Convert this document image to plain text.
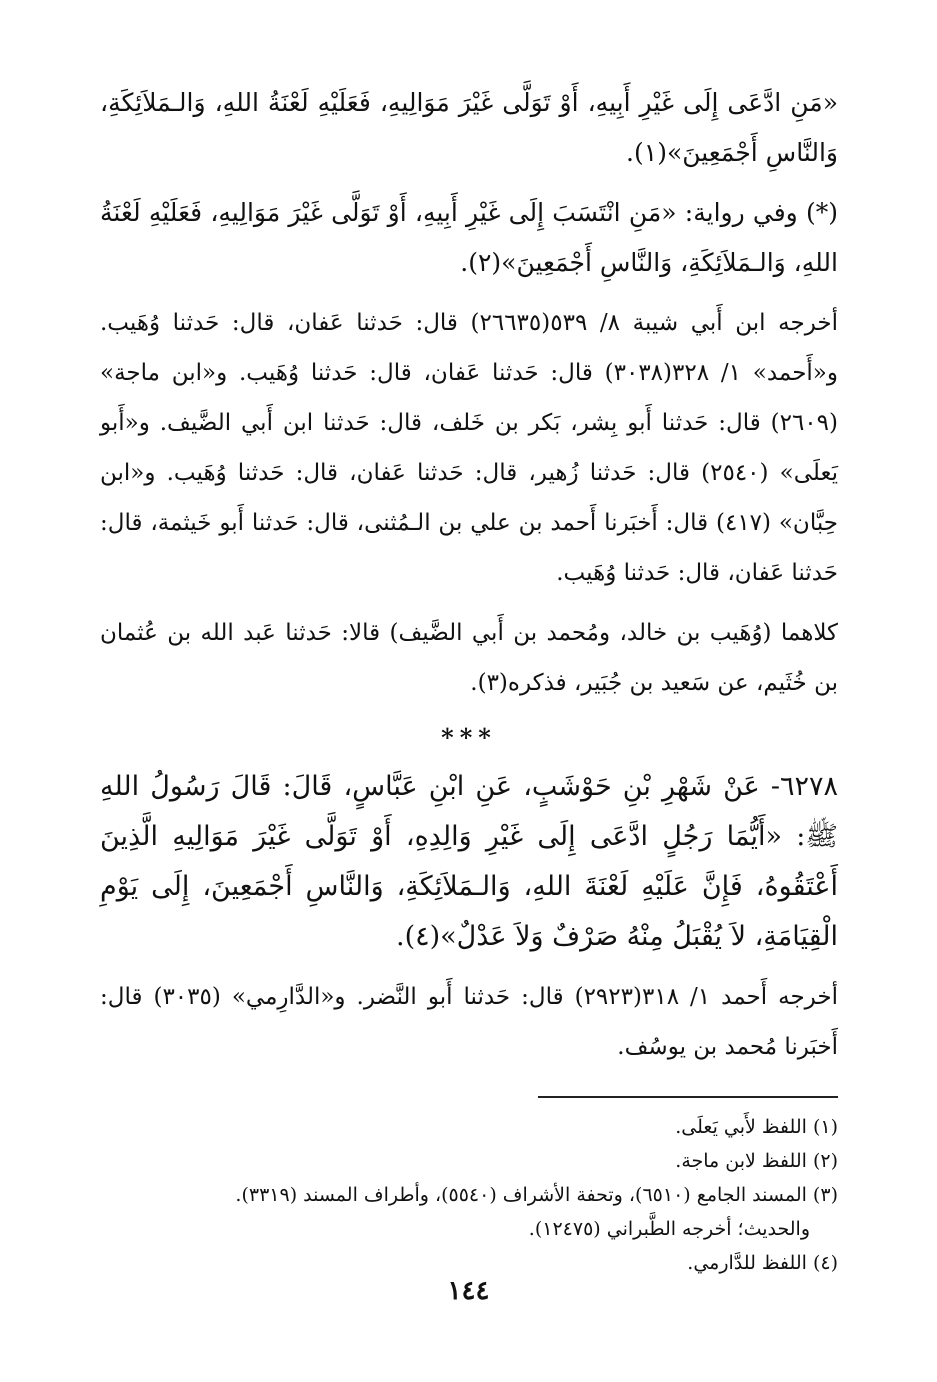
«مَنِ ادَّعَى إِلَى غَيْرِ أَبِيهِ، أَوْ تَوَلَّى غَيْرَ مَوَالِيهِ، فَعَلَيْهِ لَعْنَةُ اللهِ، وَالـمَلاَئِكَةِ، وَالنَّاسِ أَجْمَعِينَ»(١).

(*) وفي رواية: «مَنِ انْتَسَبَ إِلَى غَيْرِ أَبِيهِ، أَوْ تَوَلَّى غَيْرَ مَوَالِيهِ، فَعَلَيْهِ لَعْنَةُ اللهِ، وَالـمَلاَئِكَةِ، وَالنَّاسِ أَجْمَعِينَ»(٢).

أخرجه ابن أَبي شيبة ٨/ ٥٣٩(٢٦٦٣٥) قال: حَدثنا عَفان، قال: حَدثنا وُهَيب. و«أَحمد» ١/ ٣٢٨(٣٠٣٨) قال: حَدثنا عَفان، قال: حَدثنا وُهَيب. و«ابن ماجة» (٢٦٠٩) قال: حَدثنا أَبو بِشر، بَكر بن خَلف، قال: حَدثنا ابن أَبي الضَّيف. و«أَبو يَعلَى» (٢٥٤٠) قال: حَدثنا زُهير، قال: حَدثنا عَفان، قال: حَدثنا وُهَيب. و«ابن حِبَّان» (٤١٧) قال: أَخبَرنا أَحمد بن علي بن الـمُثنى، قال: حَدثنا أَبو خَيثمة، قال: حَدثنا عَفان، قال: حَدثنا وُهَيب.

كلاهما (وُهَيب بن خالد، ومُحمد بن أَبي الضَّيف) قالا: حَدثنا عَبد الله بن عُثمان بن خُثَيم، عن سَعيد بن جُبَير، فذكره(٣).

***

٦٢٧٨- عَنْ شَهْرِ بْنِ حَوْشَبٍ، عَنِ ابْنِ عَبَّاسٍ، قَالَ: قَالَ رَسُولُ اللهِ ﷺ: «أَيُّمَا رَجُلٍ ادَّعَى إِلَى غَيْرِ وَالِدِهِ، أَوْ تَوَلَّى غَيْرَ مَوَالِيهِ الَّذِينَ أَعْتَقُوهُ، فَإِنَّ عَلَيْهِ لَعْنَةَ اللهِ، وَالـمَلاَئِكَةِ، وَالنَّاسِ أَجْمَعِينَ، إِلَى يَوْمِ الْقِيَامَةِ، لاَ يُقْبَلُ مِنْهُ صَرْفٌ وَلاَ عَدْلٌ»(٤).

أخرجه أَحمد ١/ ٣١٨(٢٩٢٣) قال: حَدثنا أَبو النَّضر. و«الدَّارِمي» (٣٠٣٥) قال: أَخبَرنا مُحمد بن يوسُف.

(١) اللفظ لأَبي يَعلَى.

(٢) اللفظ لابن ماجة.

(٣) المسند الجامع (٦٥١٠)، وتحفة الأشراف (٥٥٤٠)، وأطراف المسند (٣٣١٩).

والحديث؛ أخرجه الطَّبراني (١٢٤٧٥).

(٤) اللفظ للدَّارمي.

١٤٤
